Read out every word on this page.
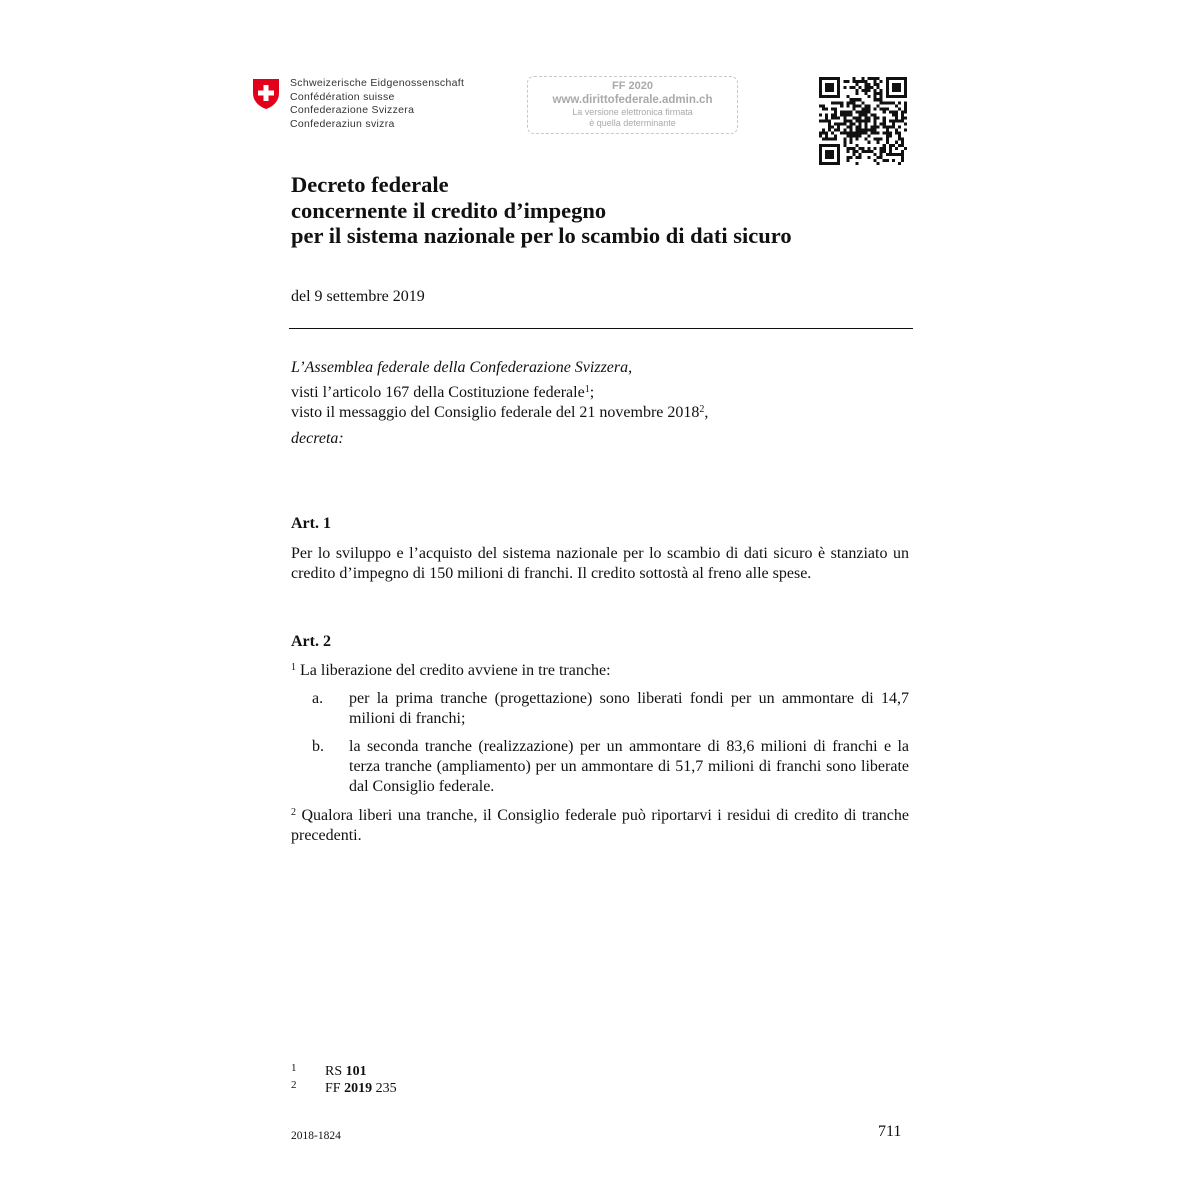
Schweizerische Eidgenossenschaft
Confédération suisse
Confederazione Svizzera
Confederaziun svizra
FF 2020
www.dirittofederale.admin.ch
La versione elettronica firmata
è quella determinante
Decreto federale
concernente il credito d’impegno
per il sistema nazionale per lo scambio di dati sicuro
del 9 settembre 2019
L’Assemblea federale della Confederazione Svizzera,
visti l’articolo 167 della Costituzione federale$^1$;
visto il messaggio del Consiglio federale del 21 novembre 2018$^2$,
decreta:
Art. 1
Per lo sviluppo e l’acquisto del sistema nazionale per lo scambio di dati sicuro è stanziato un credito d’impegno di 150 milioni di franchi. Il credito sottostà al freno alle spese.
Art. 2
$^1$ La liberazione del credito avviene in tre tranche:
a. per la prima tranche (progettazione) sono liberati fondi per un ammontare di 14,7 milioni di franchi;
b. la seconda tranche (realizzazione) per un ammontare di 83,6 milioni di franchi e la terza tranche (ampliamento) per un ammontare di 51,7 milioni di franchi sono liberate dal Consiglio federale.
$^2$ Qualora liberi una tranche, il Consiglio federale può riportarvi i residui di credito di tranche precedenti.
1 RS 101
2 FF 2019 235
2018-1824	711
